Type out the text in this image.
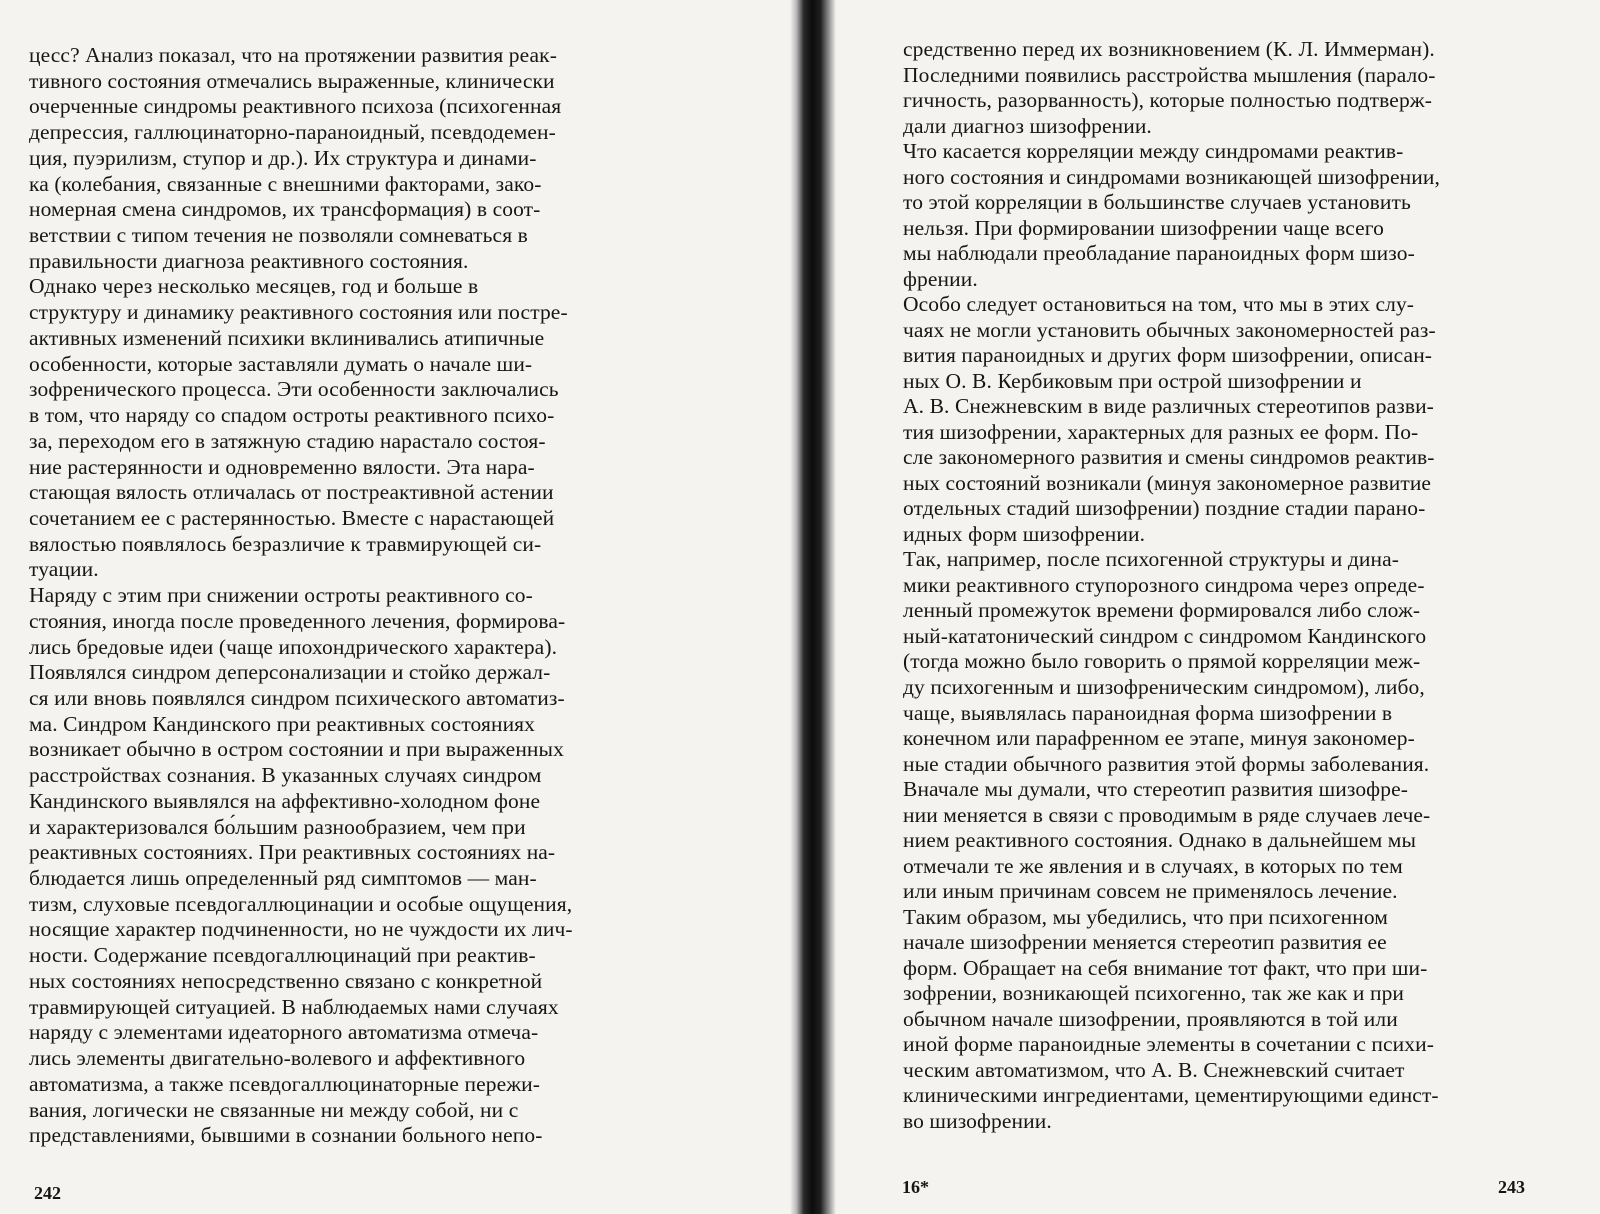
цесс? Анализ показал, что на протяжении развития реак-
тивного состояния отмечались выраженные, клинически
очерченные синдромы реактивного психоза (психогенная
депрессия, галлюцинаторно-параноидный, псевдодемен-
ция, пуэрилизм, ступор и др.). Их структура и динами-
ка (колебания, связанные с внешними факторами, зако-
номерная смена синдромов, их трансформация) в соот-
ветствии с типом течения не позволяли сомневаться в
правильности диагноза реактивного состояния.
Однако через несколько месяцев, год и больше в
структуру и динамику реактивного состояния или постре-
активных изменений психики вклинивались атипичные
особенности, которые заставляли думать о начале ши-
зофренического процесса. Эти особенности заключались
в том, что наряду со спадом остроты реактивного психо-
за, переходом его в затяжную стадию нарастало состоя-
ние растерянности и одновременно вялости. Эта нара-
стающая вялость отличалась от постреактивной астении
сочетанием ее с растерянностью. Вместе с нарастающей
вялостью появлялось безразличие к травмирующей си-
туации.
Наряду с этим при снижении остроты реактивного со-
стояния, иногда после проведенного лечения, формирова-
лись бредовые идеи (чаще ипохондрического характера).
Появлялся синдром деперсонализации и стойко держал-
ся или вновь появлялся синдром психического автоматиз-
ма. Синдром Кандинского при реактивных состояниях
возникает обычно в остром состоянии и при выраженных
расстройствах сознания. В указанных случаях синдром
Кандинского выявлялся на аффективно-холодном фоне
и характеризовался бо́льшим разнообразием, чем при
реактивных состояниях. При реактивных состояниях на-
блюдается лишь определенный ряд симптомов — ман-
тизм, слуховые псевдогаллюцинации и особые ощущения,
носящие характер подчиненности, но не чуждости их лич-
ности. Содержание псевдогаллюцинаций при реактив-
ных состояниях непосредственно связано с конкретной
травмирующей ситуацией. В наблюдаемых нами случаях
наряду с элементами идеаторного автоматизма отмеча-
лись элементы двигательно-волевого и аффективного
автоматизма, а также псевдогаллюцинаторные пережи-
вания, логически не связанные ни между собой, ни с
представлениями, бывшими в сознании больного непо-
242
средственно перед их возникновением (К. Л. Иммерман).
Последними появились расстройства мышления (парало-
гичность, разорванность), которые полностью подтверж-
дали диагноз шизофрении.
Что касается корреляции между синдромами реактив-
ного состояния и синдромами возникающей шизофрении,
то этой корреляции в большинстве случаев установить
нельзя. При формировании шизофрении чаще всего
мы наблюдали преобладание параноидных форм шизо-
френии.
Особо следует остановиться на том, что мы в этих слу-
чаях не могли установить обычных закономерностей раз-
вития параноидных и других форм шизофрении, описан-
ных О. В. Кербиковым при острой шизофрении и
А. В. Снежневским в виде различных стереотипов разви-
тия шизофрении, характерных для разных ее форм. По-
сле закономерного развития и смены синдромов реактив-
ных состояний возникали (минуя закономерное развитие
отдельных стадий шизофрении) поздние стадии парано-
идных форм шизофрении.
Так, например, после психогенной структуры и дина-
мики реактивного ступорозного синдрома через опреде-
ленный промежуток времени формировался либо слож-
ный-кататонический синдром с синдромом Кандинского
(тогда можно было говорить о прямой корреляции меж-
ду психогенным и шизофреническим синдромом), либо,
чаще, выявлялась параноидная форма шизофрении в
конечном или парафренном ее этапе, минуя закономер-
ные стадии обычного развития этой формы заболевания.
Вначале мы думали, что стереотип развития шизофре-
нии меняется в связи с проводимым в ряде случаев лече-
нием реактивного состояния. Однако в дальнейшем мы
отмечали те же явления и в случаях, в которых по тем
или иным причинам совсем не применялось лечение.
Таким образом, мы убедились, что при психогенном
начале шизофрении меняется стереотип развития ее
форм. Обращает на себя внимание тот факт, что при ши-
зофрении, возникающей психогенно, так же как и при
обычном начале шизофрении, проявляются в той или
иной форме параноидные элементы в сочетании с психи-
ческим автоматизмом, что А. В. Снежневский считает
клиническими ингредиентами, цементирующими единст-
во шизофрении.
16*	243
